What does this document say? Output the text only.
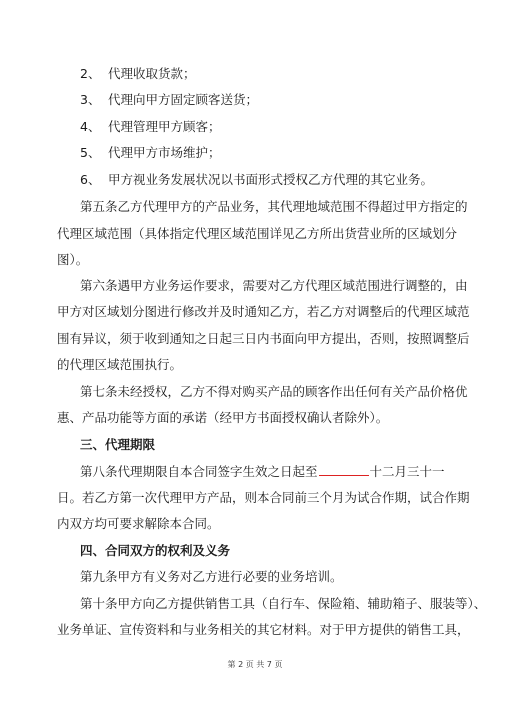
2、 代理收取货款；
3、 代理向甲方固定顾客送货；
4、 代理管理甲方顾客；
5、 代理甲方市场维护；
6、 甲方视业务发展状况以书面形式授权乙方代理的其它业务。
第五条乙方代理甲方的产品业务，其代理地域范围不得超过甲方指定的
代理区域范围（具体指定代理区域范围详见乙方所出货营业所的区域划分
图）。
第六条遇甲方业务运作要求，需要对乙方代理区域范围进行调整的，由
甲方对区域划分图进行修改并及时通知乙方，若乙方对调整后的代理区域范
围有异议，须于收到通知之日起三日内书面向甲方提出，否则，按照调整后
的代理区域范围执行。
第七条未经授权，乙方不得对购买产品的顾客作出任何有关产品价格优
惠、产品功能等方面的承诺（经甲方书面授权确认者除外）。
三、代理期限
第八条代理期限自本合同签字生效之日起至	十二月三十一
日。若乙方第一次代理甲方产品，则本合同前三个月为试合作期，试合作期
内双方均可要求解除本合同。
四、合同双方的权利及义务
第九条甲方有义务对乙方进行必要的业务培训。
第十条甲方向乙方提供销售工具（自行车、保险箱、辅助箱子、服装等）、
业务单证、宣传资料和与业务相关的其它材料。对于甲方提供的销售工具，
第 2 页 共 7 页
